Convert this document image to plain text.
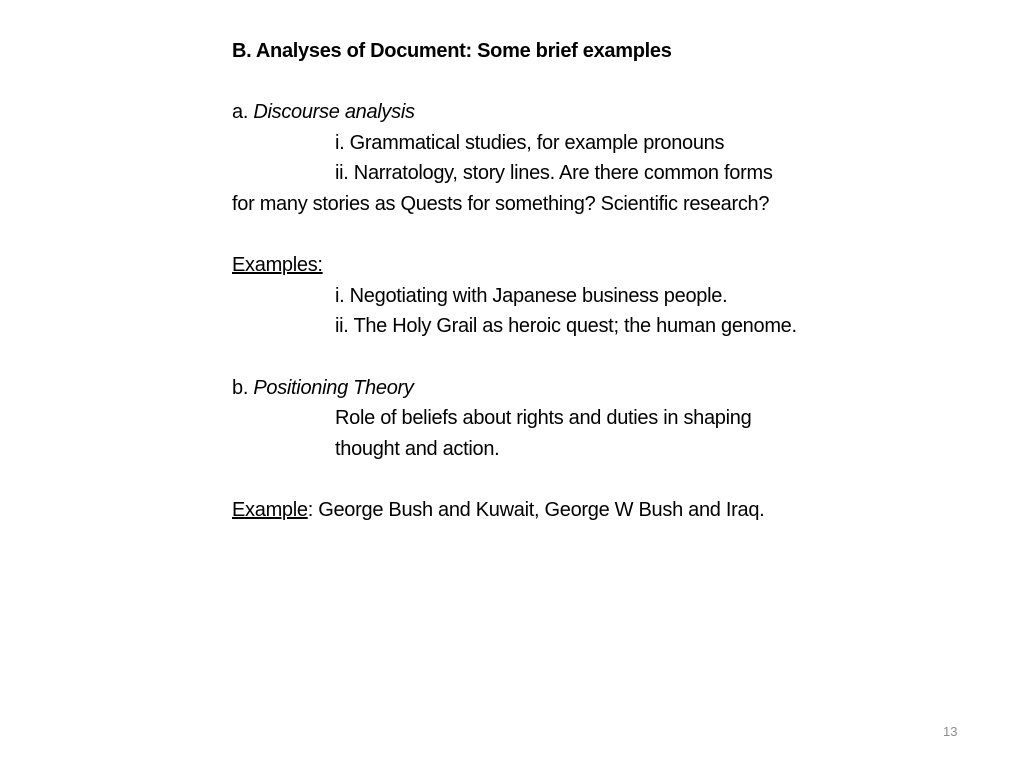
B. Analyses of Document: Some brief examples
a. Discourse analysis
i. Grammatical studies, for example pronouns
ii. Narratology, story lines. Are there common forms
for many stories as Quests for something? Scientific research?
Examples:
i. Negotiating with Japanese business people.
ii. The Holy Grail as heroic quest; the human genome.
b. Positioning Theory
Role of beliefs about rights and duties in shaping
thought and action.
Example: George Bush and Kuwait, George W Bush and Iraq.
13
